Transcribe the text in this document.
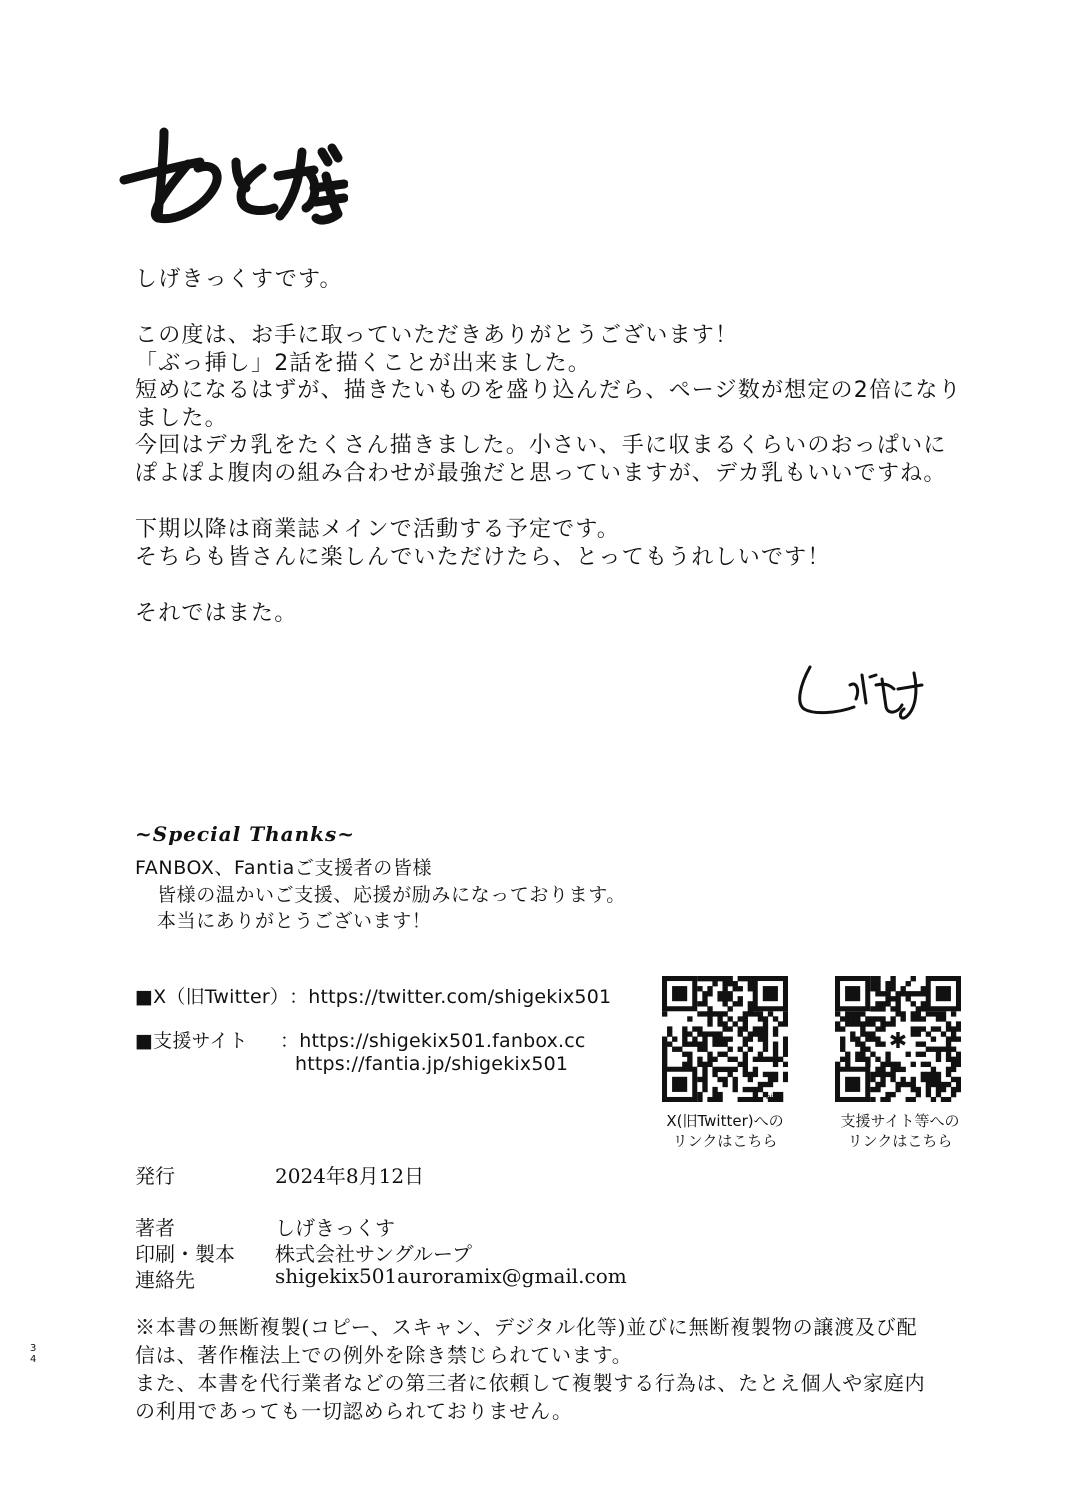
しげきっくすです。
この度は、お手に取っていただきありがとうございます！
「ぶっ挿し」2話を描くことが出来ました。
短めになるはずが、描きたいものを盛り込んだら、ページ数が想定の2倍になり
ました。
今回はデカ乳をたくさん描きました。小さい、手に収まるくらいのおっぱいに
ぽよぽよ腹肉の組み合わせが最強だと思っていますが、デカ乳もいいですね。
下期以降は商業誌メインで活動する予定です。
そちらも皆さんに楽しんでいただけたら、とってもうれしいです！
それではまた。
~Special Thanks~
FANBOX、Fantiaご支援者の皆様
皆様の温かいご支援、応援が励みになっております。
本当にありがとうございます！
■X（旧Twitter）：https://twitter.com/shigekix501
■支援サイト ：https://shigekix501.fanbox.cc
https://fantia.jp/shigekix501
bitly
X(旧Twitter)への
リンクはこちら
✱
支援サイト等への
リンクはこちら
発行	2024年8月12日
著者	しげきっくす
印刷・製本 株式会社サングループ
連絡先	shigekix501auroramix@gmail.com
※本書の無断複製(コピー、スキャン、デジタル化等)並びに無断複製物の譲渡及び配
信は、著作権法上での例外を除き禁じられています。
また、本書を代行業者などの第三者に依頼して複製する行為は、たとえ個人や家庭内
の利用であっても一切認められておりません。
3
4
